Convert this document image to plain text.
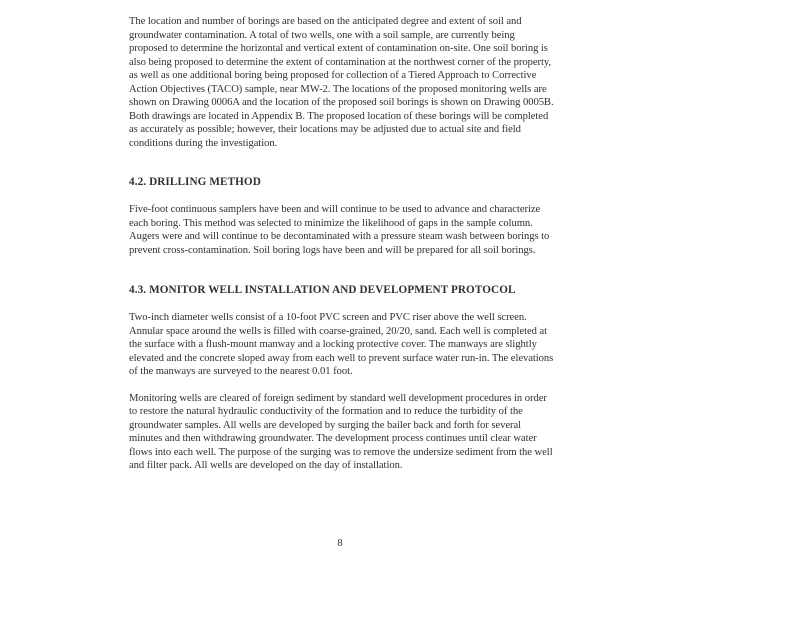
The location and number of borings are based on the anticipated degree and extent of soil and groundwater contamination. A total of two wells, one with a soil sample, are currently being proposed to determine the horizontal and vertical extent of contamination on-site. One soil boring is also being proposed to determine the extent of contamination at the northwest corner of the property, as well as one additional boring being proposed for collection of a Tiered Approach to Corrective Action Objectives (TACO) sample, near MW-2. The locations of the proposed monitoring wells are shown on Drawing 0006A and the location of the proposed soil borings is shown on Drawing 0005B. Both drawings are located in Appendix B. The proposed location of these borings will be completed as accurately as possible; however, their locations may be adjusted due to actual site and field conditions during the investigation.

4.2. DRILLING METHOD

Five-foot continuous samplers have been and will continue to be used to advance and characterize each boring. This method was selected to minimize the likelihood of gaps in the sample column. Augers were and will continue to be decontaminated with a pressure steam wash between borings to prevent cross-contamination. Soil boring logs have been and will be prepared for all soil borings.

4.3. MONITOR WELL INSTALLATION AND DEVELOPMENT PROTOCOL

Two-inch diameter wells consist of a 10-foot PVC screen and PVC riser above the well screen. Annular space around the wells is filled with coarse-grained, 20/20, sand. Each well is completed at the surface with a flush-mount manway and a locking protective cover. The manways are slightly elevated and the concrete sloped away from each well to prevent surface water run-in. The elevations of the manways are surveyed to the nearest 0.01 foot.

Monitoring wells are cleared of foreign sediment by standard well development procedures in order to restore the natural hydraulic conductivity of the formation and to reduce the turbidity of the groundwater samples. All wells are developed by surging the bailer back and forth for several minutes and then withdrawing groundwater. The development process continues until clear water flows into each well. The purpose of the surging was to remove the undersize sediment from the well and filter pack. All wells are developed on the day of installation.

8
